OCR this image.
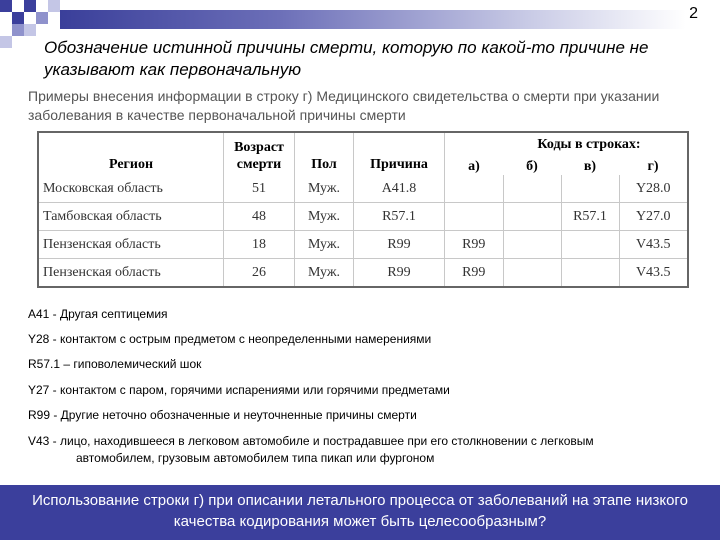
2
Обозначение истинной причины смерти, которую по какой-то причине не указывают как первоначальную
Примеры внесения информации в строку г) Медицинского свидетельства о смерти при указании заболевания в качестве первоначальной причины смерти
Регион	Возраст смерти	Пол	Причина	Коды в строках:			
				а)	б)	в)	г)
Московская область	51	Муж.	А41.8				Y28.0
Тамбовская область	48	Муж.	R57.1			R57.1	Y27.0
Пензенская область	18	Муж.	R99	R99			V43.5
Пензенская область	26	Муж.	R99	R99			V43.5
А41 - Другая септицемия
Y28 - контактом с острым предметом с неопределенными намерениями
R57.1 – гиповолемический шок
Y27 - контактом с паром, горячими испарениями или горячими предметами
R99 - Другие неточно обозначенные и неуточненные причины смерти
V43 - лицо, находившееся в легковом автомобиле и пострадавшее при его столкновении с легковым
автомобилем, грузовым автомобилем типа пикап или фургоном
Использование строки г) при описании летального процесса от заболеваний на этапе низкого качества кодирования может быть целесообразным?
